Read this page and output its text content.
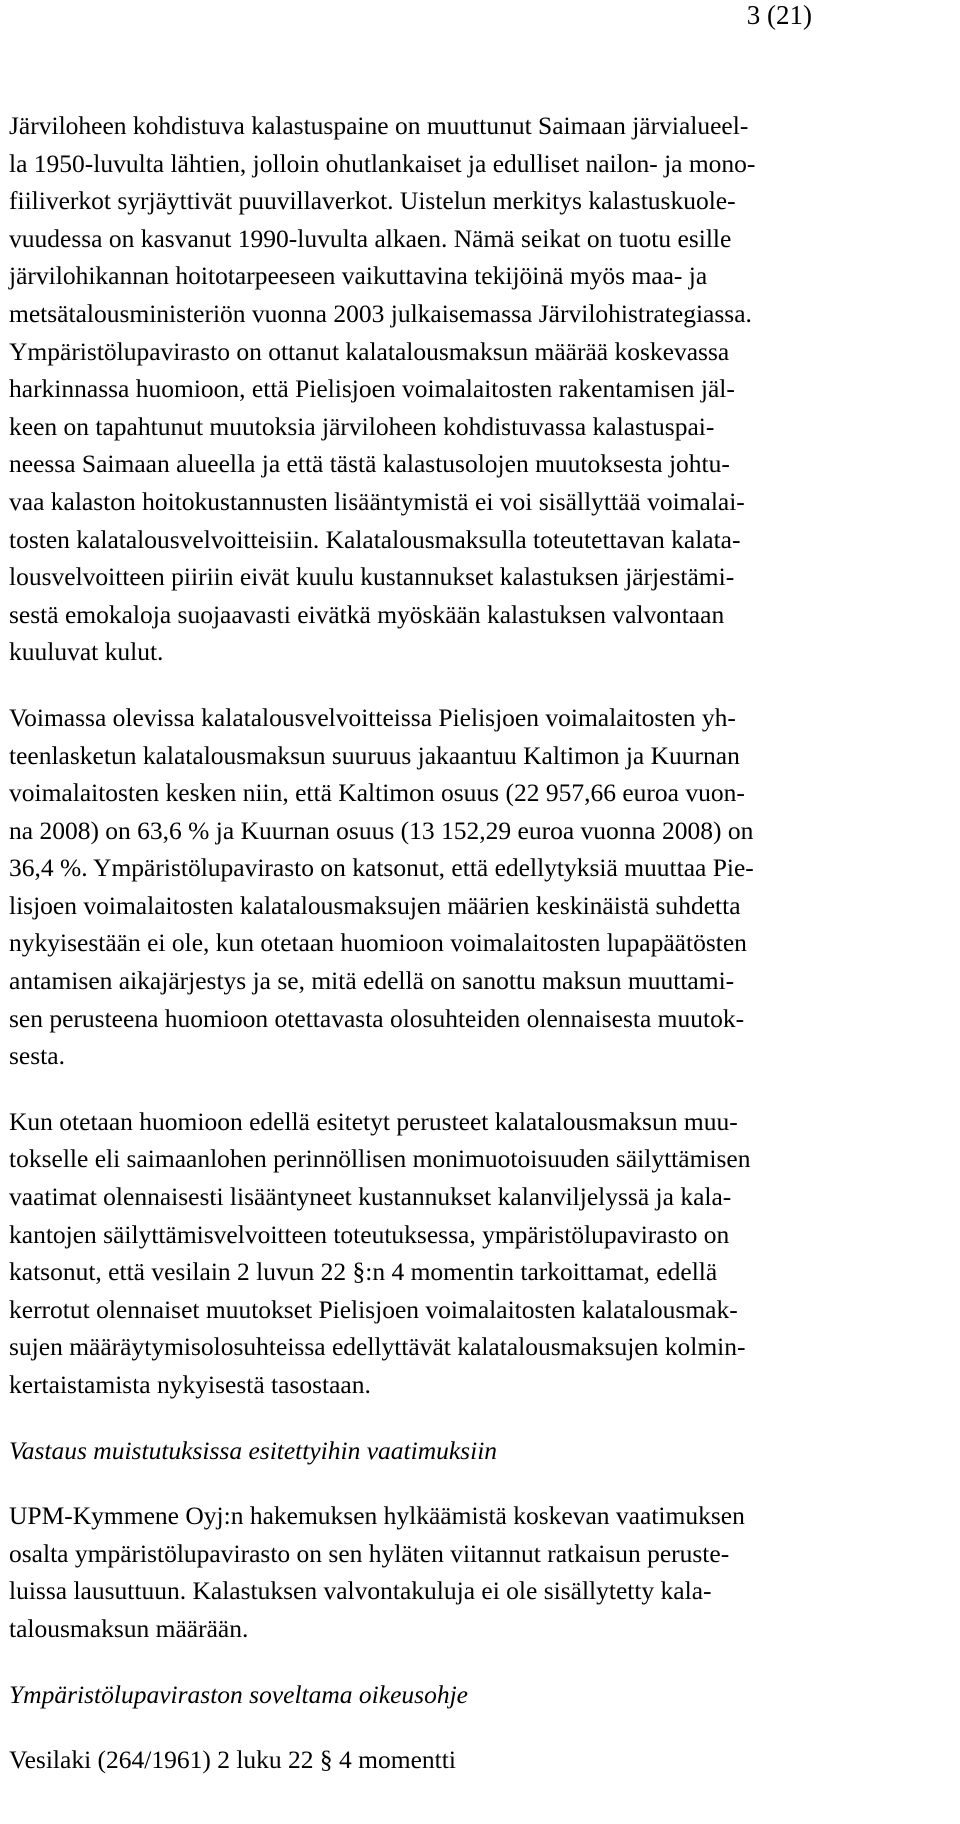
3 (21)
Järviloheen kohdistuva kalastuspaine on muuttunut Saimaan järvialueel-
la 1950-luvulta lähtien, jolloin ohutlankaiset ja edulliset nailon- ja mono-
fiiliverkot syrjäyttivät puuvillaverkot. Uistelun merkitys kalastuskuole-
vuudessa on kasvanut 1990-luvulta alkaen. Nämä seikat on tuotu esille
järvilohikannan hoitotarpeeseen vaikuttavina tekijöinä myös maa- ja
metsätalousministeriön vuonna 2003 julkaisemassa Järvilohistrategiassa.
Ympäristölupavirasto on ottanut kalatalousmaksun määrää koskevassa
harkinnassa huomioon, että Pielisjoen voimalaitosten rakentamisen jäl-
keen on tapahtunut muutoksia järviloheen kohdistuvassa kalastuspai-
neessa Saimaan alueella ja että tästä kalastusolojen muutoksesta johtu-
vaa kalaston hoitokustannusten lisääntymistä ei voi sisällyttää voimalai-
tosten kalatalousvelvoitteisiin. Kalatalousmaksulla toteutettavan kalata-
lousvelvoitteen piiriin eivät kuulu kustannukset kalastuksen järjestämi-
sestä emokaloja suojaavasti eivätkä myöskään kalastuksen valvontaan
kuuluvat kulut.
Voimassa olevissa kalatalousvelvoitteissa Pielisjoen voimalaitosten yh-
teenlasketun kalatalousmaksun suuruus jakaantuu Kaltimon ja Kuurnan
voimalaitosten kesken niin, että Kaltimon osuus (22 957,66 euroa vuon-
na 2008) on 63,6 % ja Kuurnan osuus (13 152,29 euroa vuonna 2008) on
36,4 %. Ympäristölupavirasto on katsonut, että edellytyksiä muuttaa Pie-
lisjoen voimalaitosten kalatalousmaksujen määrien keskinäistä suhdetta
nykyisestään ei ole, kun otetaan huomioon voimalaitosten lupapäätösten
antamisen aikajärjestys ja se, mitä edellä on sanottu maksun muuttami-
sen perusteena huomioon otettavasta olosuhteiden olennaisesta muutok-
sesta.
Kun otetaan huomioon edellä esitetyt perusteet kalatalousmaksun muu-
tokselle eli saimaanlohen perinnöllisen monimuotoisuuden säilyttämisen
vaatimat olennaisesti lisääntyneet kustannukset kalanviljelyssä ja kala-
kantojen säilyttämisvelvoitteen toteutuksessa, ympäristölupavirasto on
katsonut, että vesilain 2 luvun 22 §:n 4 momentin tarkoittamat, edellä
kerrotut olennaiset muutokset Pielisjoen voimalaitosten kalatalousmak-
sujen määräytymisolosuhteissa edellyttävät kalatalousmaksujen kolmin-
kertaistamista nykyisestä tasostaan.
Vastaus muistutuksissa esitettyihin vaatimuksiin
UPM-Kymmene Oyj:n hakemuksen hylkäämistä koskevan vaatimuksen
osalta ympäristölupavirasto on sen hyläten viitannut ratkaisun peruste-
luissa lausuttuun. Kalastuksen valvontakuluja ei ole sisällytetty kala-
talousmaksun määrään.
Ympäristölupaviraston soveltama oikeusohje
Vesilaki (264/1961) 2 luku 22 § 4 momentti
